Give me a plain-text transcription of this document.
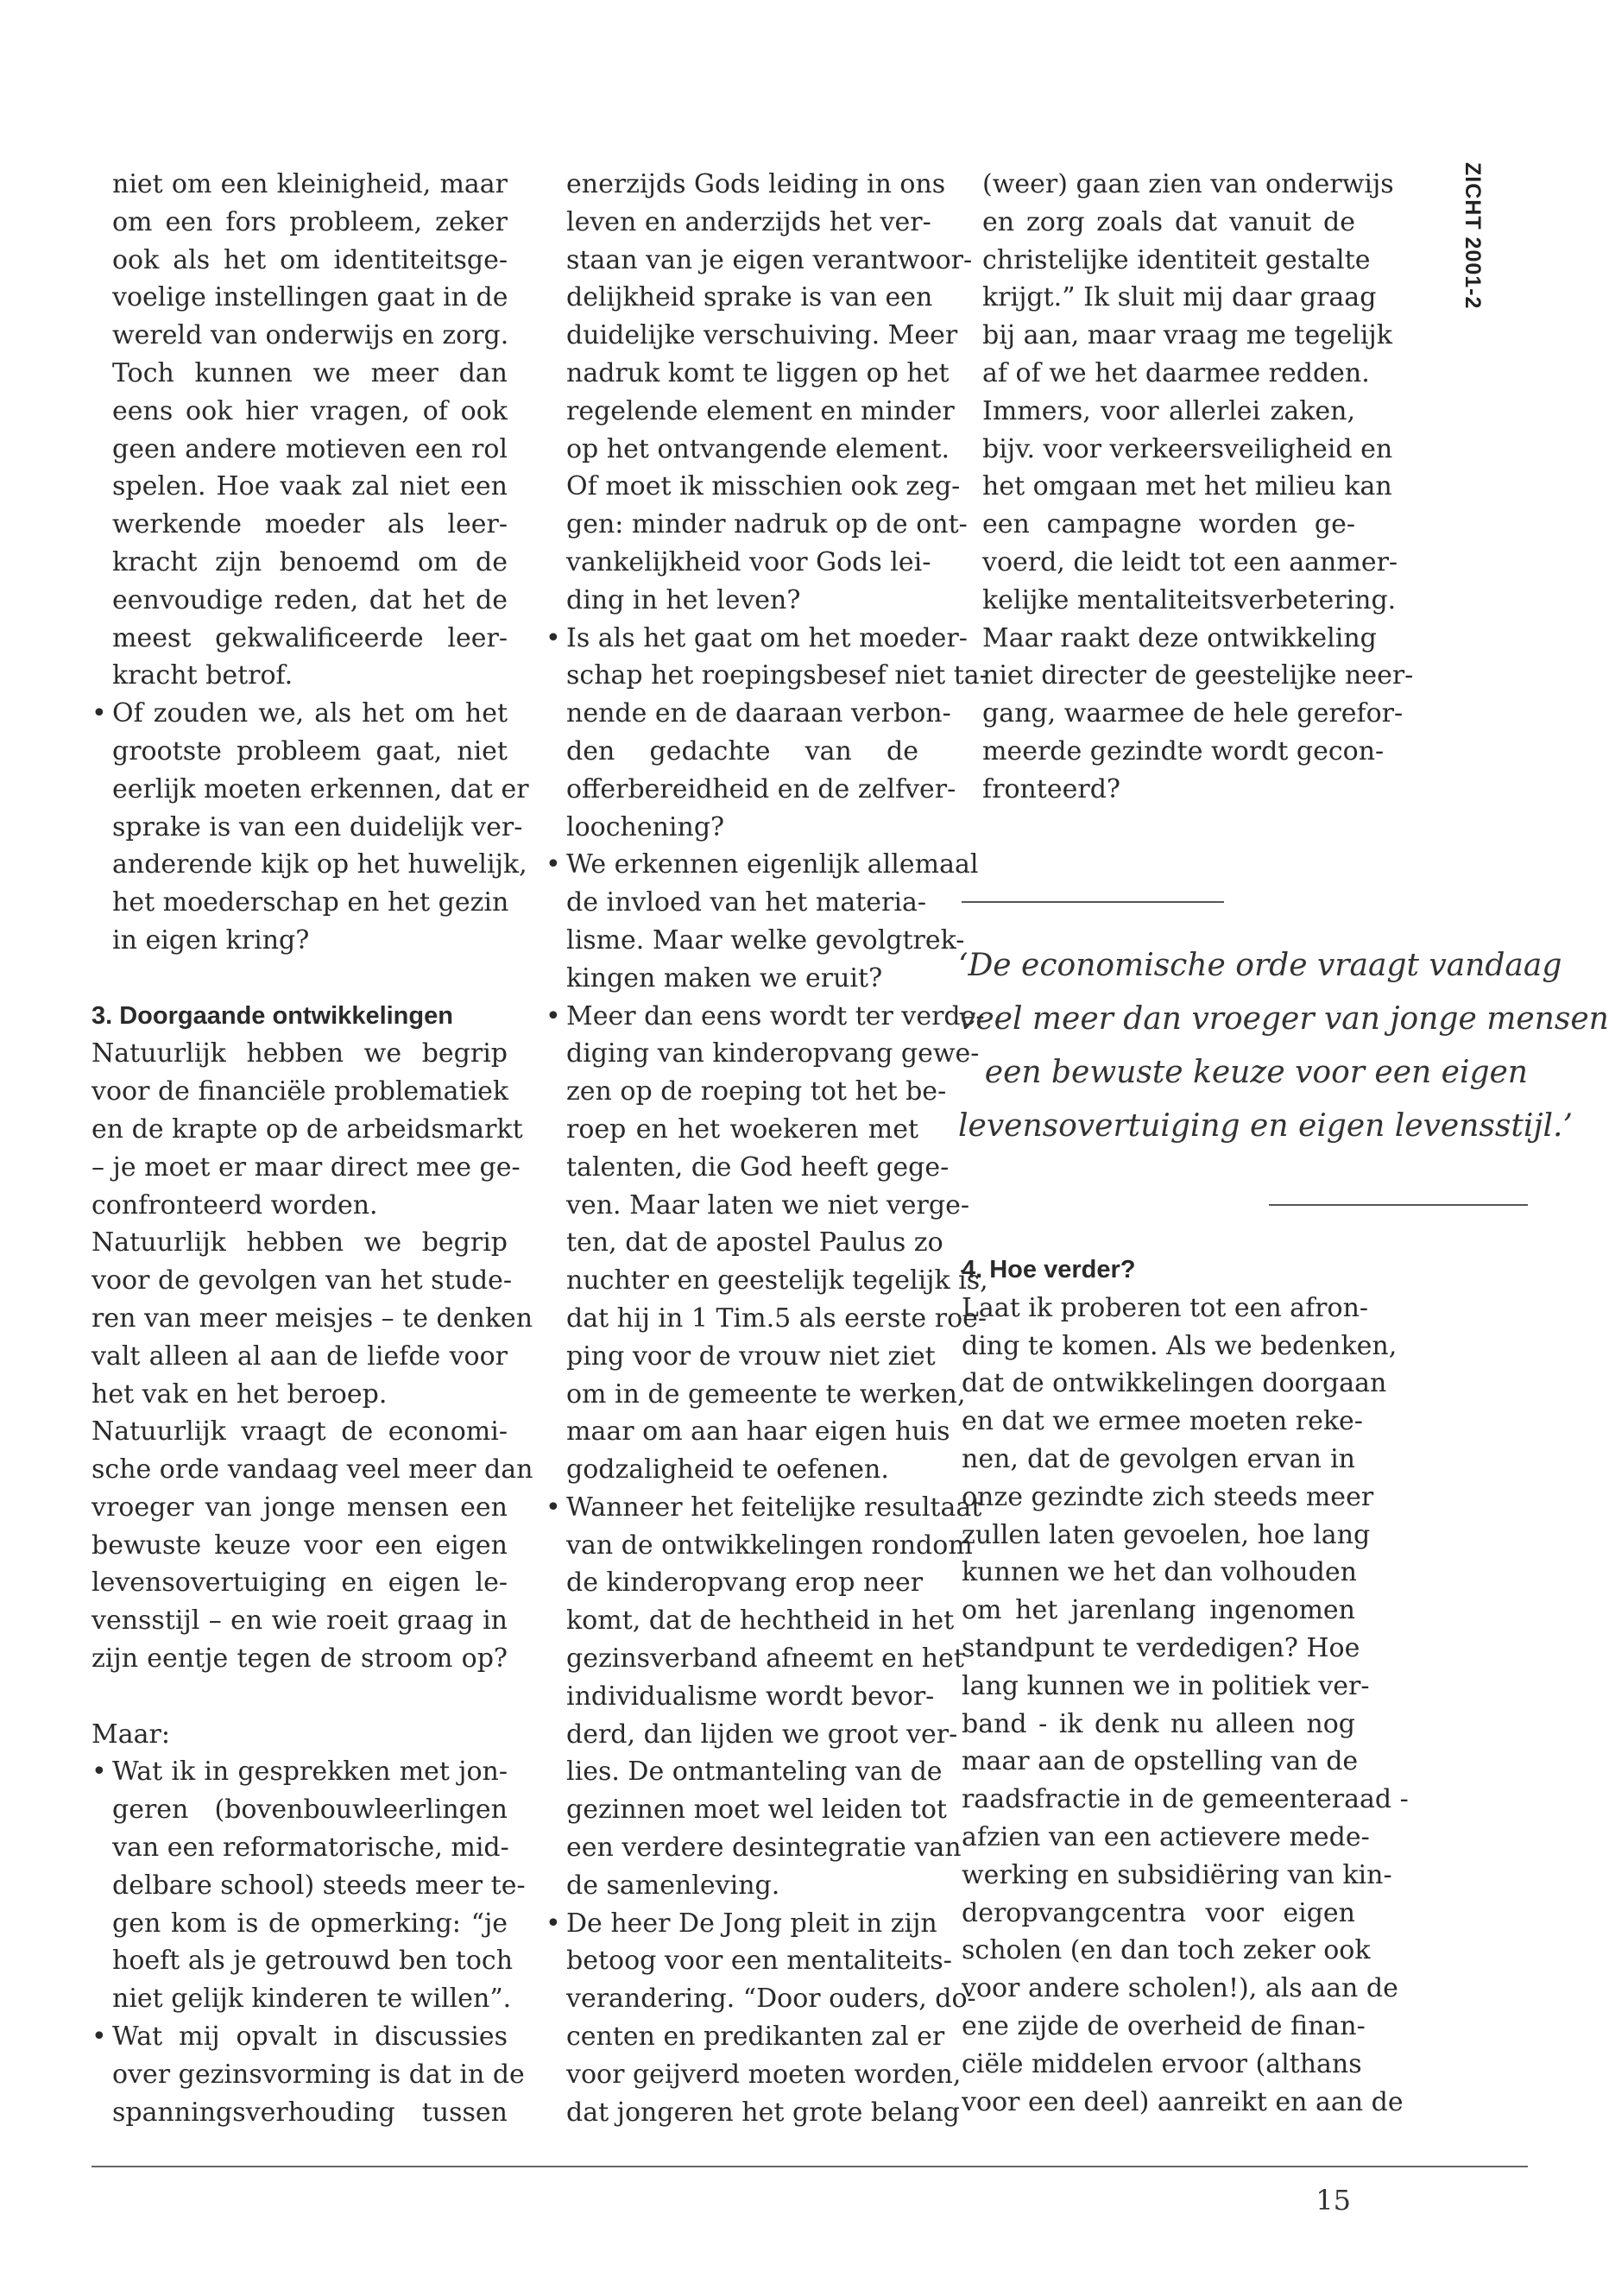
ZICHT 2001-2
niet om een kleinigheid, maar
om een fors probleem, zeker
ook als het om identiteitsge-
voelige instellingen gaat in de
wereld van onderwijs en zorg.
Toch kunnen we meer dan
eens ook hier vragen, of ook
geen andere motieven een rol
spelen. Hoe vaak zal niet een
werkende moeder als leer-
kracht zijn benoemd om de
eenvoudige reden, dat het de
meest gekwalificeerde leer-
kracht betrof.
• Of zouden we, als het om het
grootste probleem gaat, niet
eerlijk moeten erkennen, dat er
sprake is van een duidelijk ver-
anderende kijk op het huwelijk,
het moederschap en het gezin
in eigen kring?
3. Doorgaande ontwikkelingen
Natuurlijk hebben we begrip
voor de financiële problematiek
en de krapte op de arbeidsmarkt
– je moet er maar direct mee ge-
confronteerd worden.
Natuurlijk hebben we begrip
voor de gevolgen van het stude-
ren van meer meisjes – te denken
valt alleen al aan de liefde voor
het vak en het beroep.
Natuurlijk vraagt de economi-
sche orde vandaag veel meer dan
vroeger van jonge mensen een
bewuste keuze voor een eigen
levensovertuiging en eigen le-
vensstijl – en wie roeit graag in
zijn eentje tegen de stroom op?
Maar:
• Wat ik in gesprekken met jon-
geren (bovenbouwleerlingen
van een reformatorische, mid-
delbare school) steeds meer te-
gen kom is de opmerking: “je
hoeft als je getrouwd ben toch
niet gelijk kinderen te willen”.
• Wat mij opvalt in discussies
over gezinsvorming is dat in de
spanningsverhouding tussen
enerzijds Gods leiding in ons
leven en anderzijds het ver-
staan van je eigen verantwoor-
delijkheid sprake is van een
duidelijke verschuiving. Meer
nadruk komt te liggen op het
regelende element en minder
op het ontvangende element.
Of moet ik misschien ook zeg-
gen: minder nadruk op de ont-
vankelijkheid voor Gods lei-
ding in het leven?
• Is als het gaat om het moeder-
schap het roepingsbesef niet ta-
nende en de daaraan verbon-
den gedachte van de
offerbereidheid en de zelfver-
loochening?
• We erkennen eigenlijk allemaal
de invloed van het materia-
lisme. Maar welke gevolgtrek-
kingen maken we eruit?
• Meer dan eens wordt ter verde-
diging van kinderopvang gewe-
zen op de roeping tot het be-
roep en het woekeren met
talenten, die God heeft gege-
ven. Maar laten we niet verge-
ten, dat de apostel Paulus zo
nuchter en geestelijk tegelijk is,
dat hij in 1 Tim.5 als eerste roe-
ping voor de vrouw niet ziet
om in de gemeente te werken,
maar om aan haar eigen huis
godzaligheid te oefenen.
• Wanneer het feitelijke resultaat
van de ontwikkelingen rondom
de kinderopvang erop neer
komt, dat de hechtheid in het
gezinsverband afneemt en het
individualisme wordt bevor-
derd, dan lijden we groot ver-
lies. De ontmanteling van de
gezinnen moet wel leiden tot
een verdere desintegratie van
de samenleving.
• De heer De Jong pleit in zijn
betoog voor een mentaliteits-
verandering. “Door ouders, do-
centen en predikanten zal er
voor geijverd moeten worden,
dat jongeren het grote belang
(weer) gaan zien van onderwijs
en zorg zoals dat vanuit de
christelijke identiteit gestalte
krijgt.” Ik sluit mij daar graag
bij aan, maar vraag me tegelijk
af of we het daarmee redden.
Immers, voor allerlei zaken,
bijv. voor verkeersveiligheid en
het omgaan met het milieu kan
een campagne worden ge-
voerd, die leidt tot een aanmer-
kelijke mentaliteitsverbetering.
Maar raakt deze ontwikkeling
niet directer de geestelijke neer-
gang, waarmee de hele gerefor-
meerde gezindte wordt gecon-
fronteerd?
‘De economische orde vraagt vandaag
veel meer dan vroeger van jonge mensen
een bewuste keuze voor een eigen
levensovertuiging en eigen levensstijl.’
4. Hoe verder?
Laat ik proberen tot een afron-
ding te komen. Als we bedenken,
dat de ontwikkelingen doorgaan
en dat we ermee moeten reke-
nen, dat de gevolgen ervan in
onze gezindte zich steeds meer
zullen laten gevoelen, hoe lang
kunnen we het dan volhouden
om het jarenlang ingenomen
standpunt te verdedigen? Hoe
lang kunnen we in politiek ver-
band - ik denk nu alleen nog
maar aan de opstelling van de
raadsfractie in de gemeenteraad -
afzien van een actievere mede-
werking en subsidiëring van kin-
deropvangcentra voor eigen
scholen (en dan toch zeker ook
voor andere scholen!), als aan de
ene zijde de overheid de finan-
ciële middelen ervoor (althans
voor een deel) aanreikt en aan de
15
